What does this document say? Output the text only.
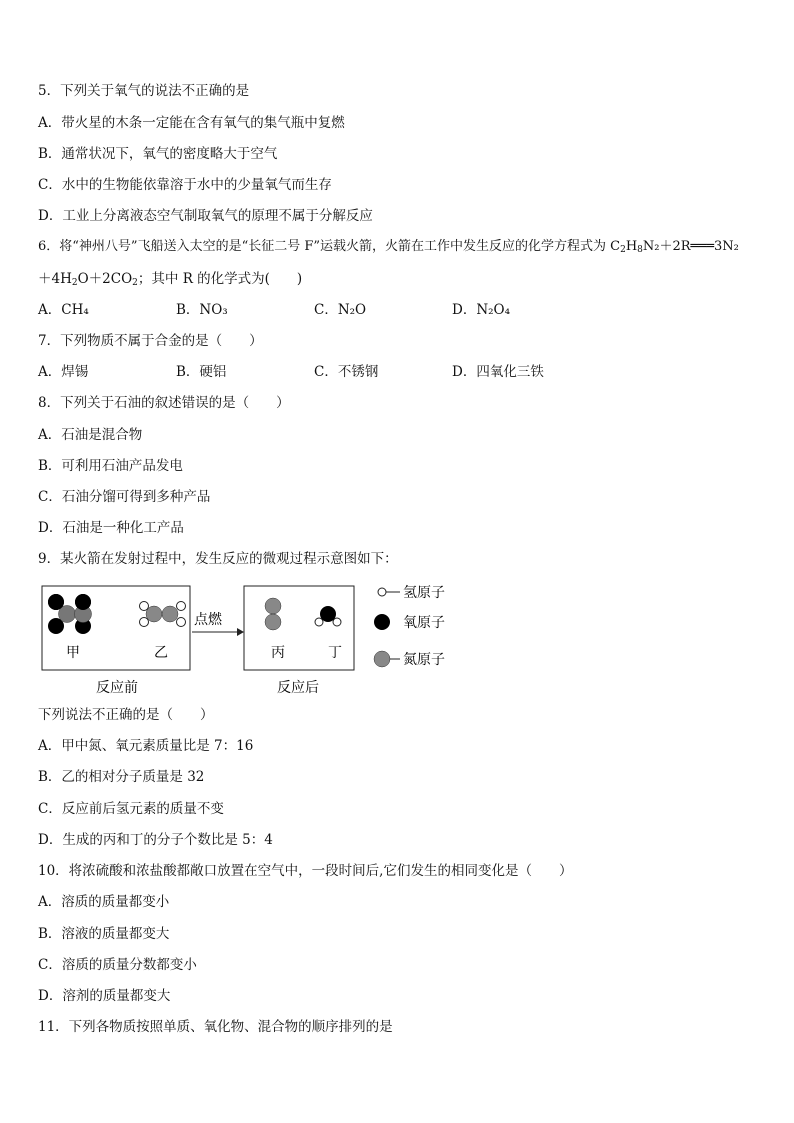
5．下列关于氧气的说法不正确的是
A．带火星的木条一定能在含有氧气的集气瓶中复燃
B．通常状况下，氧气的密度略大于空气
C．水中的生物能依靠溶于水中的少量氧气而生存
D．工业上分离液态空气制取氧气的原理不属于分解反应
6．将“神州八号”飞船送入太空的是“长征二号 F”运载火箭，火箭在工作中发生反应的化学方程式为 $C_2H_8N_2+2R═══3N_2$
$+4H_2O+2CO_2$；其中 R 的化学式为(　　)
A．CH₄	B．NO₃	C．N₂O	D．N₂O₄
7．下列物质不属于合金的是（　　）
A．焊锡	B．硬铝	C．不锈钢	D．四氧化三铁
8．下列关于石油的叙述错误的是（　　）
A．石油是混合物
B．可利用石油产品发电
C．石油分馏可得到多种产品
D．石油是一种化工产品
9．某火箭在发射过程中，发生反应的微观过程示意图如下：
甲	乙
点燃
丙	丁
反应前	反应后
氢原子
氧原子
氮原子
下列说法不正确的是（　　）
A．甲中氮、氧元素质量比是 7：16
B．乙的相对分子质量是 32
C．反应前后氢元素的质量不变
D．生成的丙和丁的分子个数比是 5：4
10．将浓硫酸和浓盐酸都敞口放置在空气中，一段时间后,它们发生的相同变化是（　　）
A．溶质的质量都变小
B．溶液的质量都变大
C．溶质的质量分数都变小
D．溶剂的质量都变大
11．下列各物质按照单质、氧化物、混合物的顺序排列的是
